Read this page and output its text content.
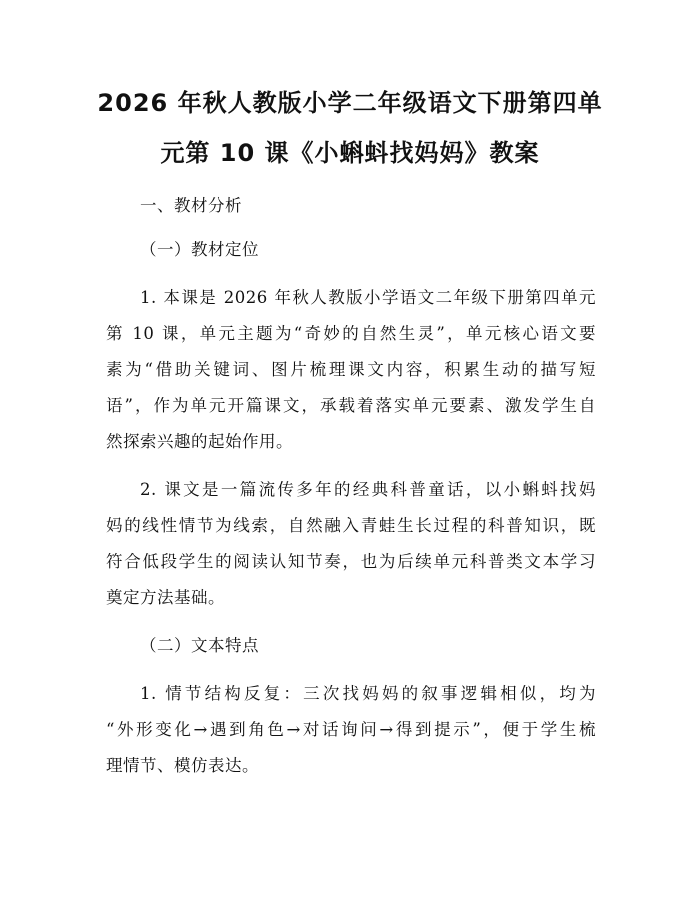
2026 年秋人教版小学二年级语文下册第四单
元第 10 课《小蝌蚪找妈妈》教案
一、教材分析
（一）教材定位
1. 本课是 2026 年秋人教版小学语文二年级下册第四单元
第 10 课，单元主题为“奇妙的自然生灵”，单元核心语文要
素为“借助关键词、图片梳理课文内容，积累生动的描写短
语”，作为单元开篇课文，承载着落实单元要素、激发学生自
然探索兴趣的起始作用。
2. 课文是一篇流传多年的经典科普童话，以小蝌蚪找妈
妈的线性情节为线索，自然融入青蛙生长过程的科普知识，既
符合低段学生的阅读认知节奏，也为后续单元科普类文本学习
奠定方法基础。
（二）文本特点
1. 情节结构反复：三次找妈妈的叙事逻辑相似，均为
“外形变化→遇到角色→对话询问→得到提示”，便于学生梳
理情节、模仿表达。
